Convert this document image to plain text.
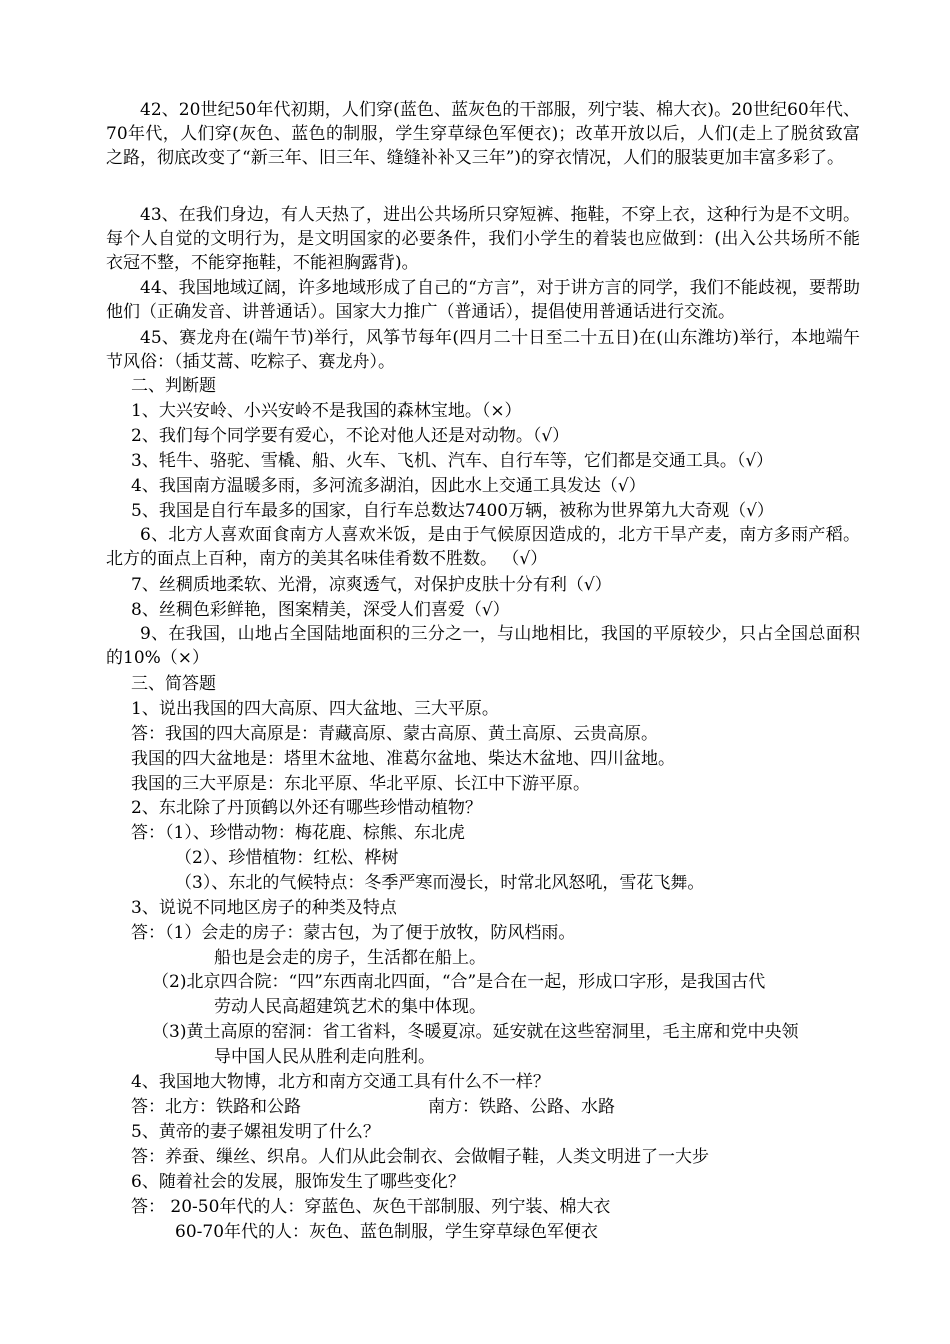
42、20世纪50年代初期，人们穿(蓝色、蓝灰色的干部服，列宁装、棉大衣)。20世纪60年代、70年代，人们穿(灰色、蓝色的制服，学生穿草绿色军便衣)；改革开放以后，人们(走上了脱贫致富之路，彻底改变了“新三年、旧三年、缝缝补补又三年”)的穿衣情况，人们的服装更加丰富多彩了。
43、在我们身边，有人天热了，进出公共场所只穿短裤、拖鞋，不穿上衣，这种行为是不文明。每个人自觉的文明行为，是文明国家的必要条件，我们小学生的着装也应做到：(出入公共场所不能衣冠不整，不能穿拖鞋，不能袒胸露背)。
44、我国地域辽阔，许多地域形成了自己的“方言”，对于讲方言的同学，我们不能歧视，要帮助他们（正确发音、讲普通话）。国家大力推广（普通话），提倡使用普通话进行交流。
45、赛龙舟在(端午节)举行，风筝节每年(四月二十日至二十五日)在(山东潍坊)举行，本地端午节风俗：（插艾蒿、吃粽子、赛龙舟）。
二、判断题
1、大兴安岭、小兴安岭不是我国的森林宝地。（×）
2、我们每个同学要有爱心，不论对他人还是对动物。（√）
3、牦牛、骆驼、雪橇、船、火车、飞机、汽车、自行车等，它们都是交通工具。（√）
4、我国南方温暖多雨，多河流多湖泊，因此水上交通工具发达（√）
5、我国是自行车最多的国家，自行车总数达7400万辆，被称为世界第九大奇观（√）
6、北方人喜欢面食南方人喜欢米饭，是由于气候原因造成的，北方干旱产麦，南方多雨产稻。北方的面点上百种，南方的美其名味佳肴数不胜数。 （√）
7、丝稠质地柔软、光滑，凉爽透气，对保护皮肤十分有利（√）
8、丝稠色彩鲜艳，图案精美，深受人们喜爱（√）
9、在我国，山地占全国陆地面积的三分之一，与山地相比，我国的平原较少，只占全国总面积的10%（×）
三、简答题
1、说出我国的四大高原、四大盆地、三大平原。
答：我国的四大高原是：青藏高原、蒙古高原、黄土高原、云贵高原。
我国的四大盆地是：塔里木盆地、准葛尔盆地、柴达木盆地、四川盆地。
我国的三大平原是：东北平原、华北平原、长江中下游平原。
2、东北除了丹顶鹤以外还有哪些珍惜动植物？
答：（1）、珍惜动物：梅花鹿、棕熊、东北虎
（2）、珍惜植物：红松、桦树
（3）、东北的气候特点：冬季严寒而漫长，时常北风怒吼，雪花飞舞。
3、说说不同地区房子的种类及特点
答：（1）会走的房子：蒙古包，为了便于放牧，防风档雨。
船也是会走的房子，生活都在船上。
（2)北京四合院：“四”东西南北四面，“合”是合在一起，形成口字形，是我国古代
劳动人民高超建筑艺术的集中体现。
（3)黄土高原的窑洞：省工省料，冬暖夏凉。延安就在这些窑洞里，毛主席和党中央领
导中国人民从胜利走向胜利。
4、我国地大物博，北方和南方交通工具有什么不一样？
答：北方：铁路和公路	南方：铁路、公路、水路
5、黄帝的妻子嫘祖发明了什么？
答：养蚕、缫丝、织帛。人们从此会制衣、会做帽子鞋，人类文明进了一大步
6、随着社会的发展，服饰发生了哪些变化？
答： 20-50年代的人：穿蓝色、灰色干部制服、列宁装、棉大衣
60-70年代的人：灰色、蓝色制服，学生穿草绿色军便衣
